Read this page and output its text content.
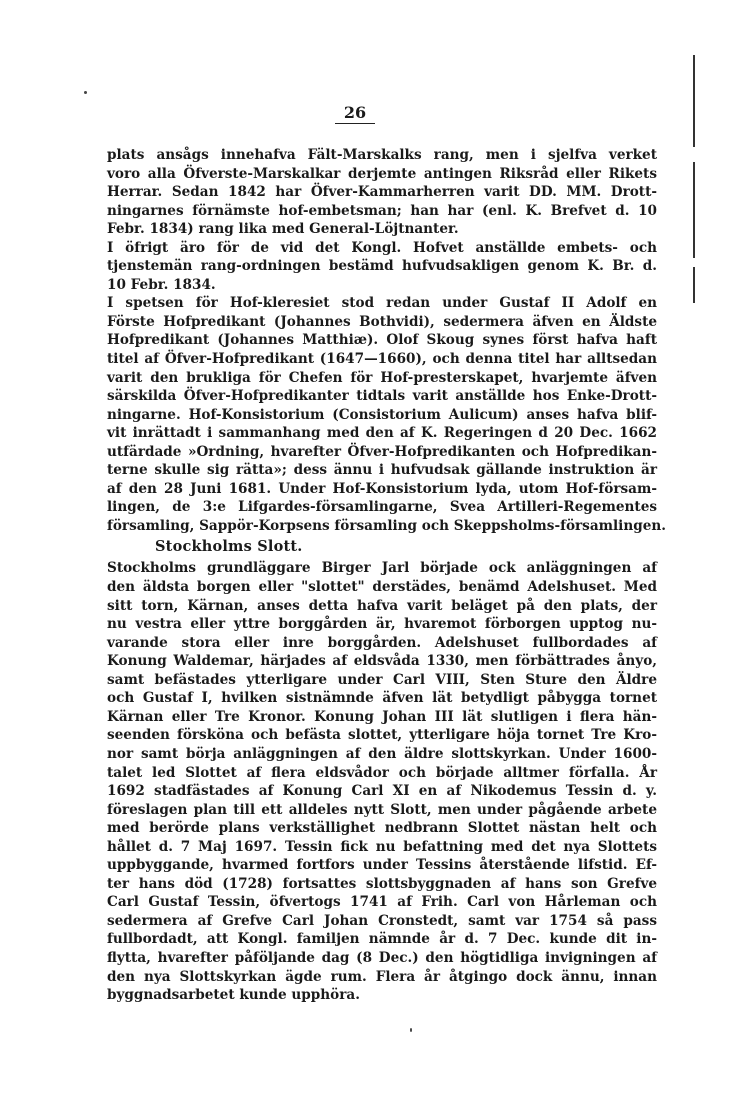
26
plats ansågs innehafva Fält-Marskalks rang, men i sjelfva verket
voro alla Öfverste-Marskalkar derjemte antingen Riksråd eller Rikets
Herrar. Sedan 1842 har Öfver-Kammarherren varit DD. MM. Drott-
ningarnes förnämste hof-embetsman; han har (enl. K. Brefvet d. 10
Febr. 1834) rang lika med General-Löjtnanter.
I öfrigt äro för de vid det Kongl. Hofvet anställde embets- och
tjenstemän rang-ordningen bestämd hufvudsakligen genom K. Br. d.
10 Febr. 1834.
I spetsen för Hof-kleresiet stod redan under Gustaf II Adolf en
Förste Hofpredikant (Johannes Bothvidi), sedermera äfven en Äldste
Hofpredikant (Johannes Matthiæ). Olof Skoug synes först hafva haft
titel af Öfver-Hofpredikant (1647—1660), och denna titel har alltsedan
varit den brukliga för Chefen för Hof-presterskapet, hvarjemte äfven
särskilda Öfver-Hofpredikanter tidtals varit anställde hos Enke-Drott-
ningarne. Hof-Konsistorium (Consistorium Aulicum) anses hafva blif-
vit inrättadt i sammanhang med den af K. Regeringen d 20 Dec. 1662
utfärdade »Ordning, hvarefter Öfver-Hofpredikanten och Hofpredikan-
terne skulle sig rätta»; dess ännu i hufvudsak gällande instruktion är
af den 28 Juni 1681. Under Hof-Konsistorium lyda, utom Hof-försam-
lingen, de 3:e Lifgardes-församlingarne, Svea Artilleri-Regementes
församling, Sappör-Korpsens församling och Skeppsholms-församlingen.
Stockholms Slott.
Stockholms grundläggare Birger Jarl började ock anläggningen af
den äldsta borgen eller "slottet" derstädes, benämd Adelshuset. Med
sitt torn, Kärnan, anses detta hafva varit beläget på den plats, der
nu vestra eller yttre borggården är, hvaremot förborgen upptog nu-
varande stora eller inre borggården. Adelshuset fullbordades af
Konung Waldemar, härjades af eldsvåda 1330, men förbättrades ånyo,
samt befästades ytterligare under Carl VIII, Sten Sture den Äldre
och Gustaf I, hvilken sistnämnde äfven lät betydligt påbygga tornet
Kärnan eller Tre Kronor. Konung Johan III lät slutligen i flera hän-
seenden försköna och befästa slottet, ytterligare höja tornet Tre Kro-
nor samt börja anläggningen af den äldre slottskyrkan. Under 1600-
talet led Slottet af flera eldsvådor och började alltmer förfalla. År
1692 stadfästades af Konung Carl XI en af Nikodemus Tessin d. y.
föreslagen plan till ett alldeles nytt Slott, men under pågående arbete
med berörde plans verkställighet nedbrann Slottet nästan helt och
hållet d. 7 Maj 1697. Tessin fick nu befattning med det nya Slottets
uppbyggande, hvarmed fortfors under Tessins återstående lifstid. Ef-
ter hans död (1728) fortsattes slottsbyggnaden af hans son Grefve
Carl Gustaf Tessin, öfvertogs 1741 af Frih. Carl von Hårleman och
sedermera af Grefve Carl Johan Cronstedt, samt var 1754 så pass
fullbordadt, att Kongl. familjen nämnde år d. 7 Dec. kunde dit in-
flytta, hvarefter påföljande dag (8 Dec.) den högtidliga invigningen af
den nya Slottskyrkan ägde rum. Flera år åtgingo dock ännu, innan
byggnadsarbetet kunde upphöra.
